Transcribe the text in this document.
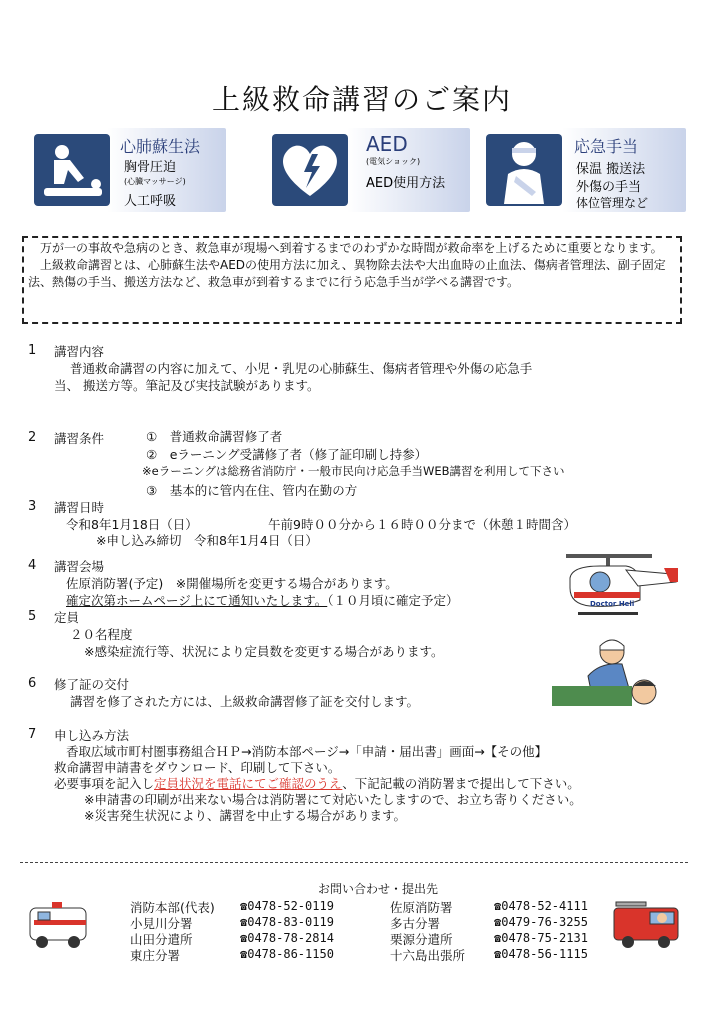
上級救命講習のご案内
心肺蘇生法
胸骨圧迫
(心臓マッサージ)
人工呼吸
AED
(電気ショック)
AED使用方法
応急手当
保温 搬送法
外傷の手当
体位管理など

万が一の事故や急病のとき、救急車が現場へ到着するまでのわずかな時間が救命率を上げるために重要となります。

上級救命講習とは、心肺蘇生法やAEDの使用方法に加え、異物除去法や大出血時の止血法、傷病者管理法、副子固定法、熱傷の手当、搬送方法など、救急車が到着するまでに行う応急手当が学べる講習です。

1 講習内容
普通救命講習の内容に加えて、小児・乳児の心肺蘇生、傷病者管理や外傷の応急手
当、 搬送方等。筆記及び実技試験があります。
2 講習条件	①　普通救命講習修了者
②　eラーニング受講修了者（修了証印刷し持参）
※eラーニングは総務省消防庁・一般市民向け応急手当WEB講習を利用して下さい
③　基本的に管内在住、管内在勤の方
3 講習日時
令和8年1月18日（日）	午前9時００分から１６時００分まで（休憩１時間含）
※申し込み締切　令和8年1月4日（日）
4 講習会場
佐原消防署(予定)　※開催場所を変更する場合があります。
確定次第ホームページ上にて通知いたします。（１０月頃に確定予定）
5 定員
２０名程度
※感染症流行等、状況により定員数を変更する場合があります。
6 修了証の交付
講習を修了された方には、上級救命講習修了証を交付します。
7 申し込み方法
香取広域市町村圏事務組合ＨＰ→消防本部ページ→「申請・届出書」画面→【その他】
救命講習申請書をダウンロード、印刷して下さい。
必要事項を記入し定員状況を電話にてご確認のうえ、下記記載の消防署まで提出して下さい。
※申請書の印刷が出来ない場合は消防署にて対応いたしますので、お立ち寄りください。
※災害発生状況により、講習を中止する場合があります。
Doctor Heli
お問い合わせ・提出先
消防本部(代表) ☎0478-52-0119
小見川分署	☎0478-83-0119
山田分遣所	☎0478-78-2814
東庄分署	☎0478-86-1150
佐原消防署	☎0478-52-4111
多古分署	☎0479-76-3255
栗源分遣所	☎0478-75-2131
十六島出張所 ☎0478-56-1115
